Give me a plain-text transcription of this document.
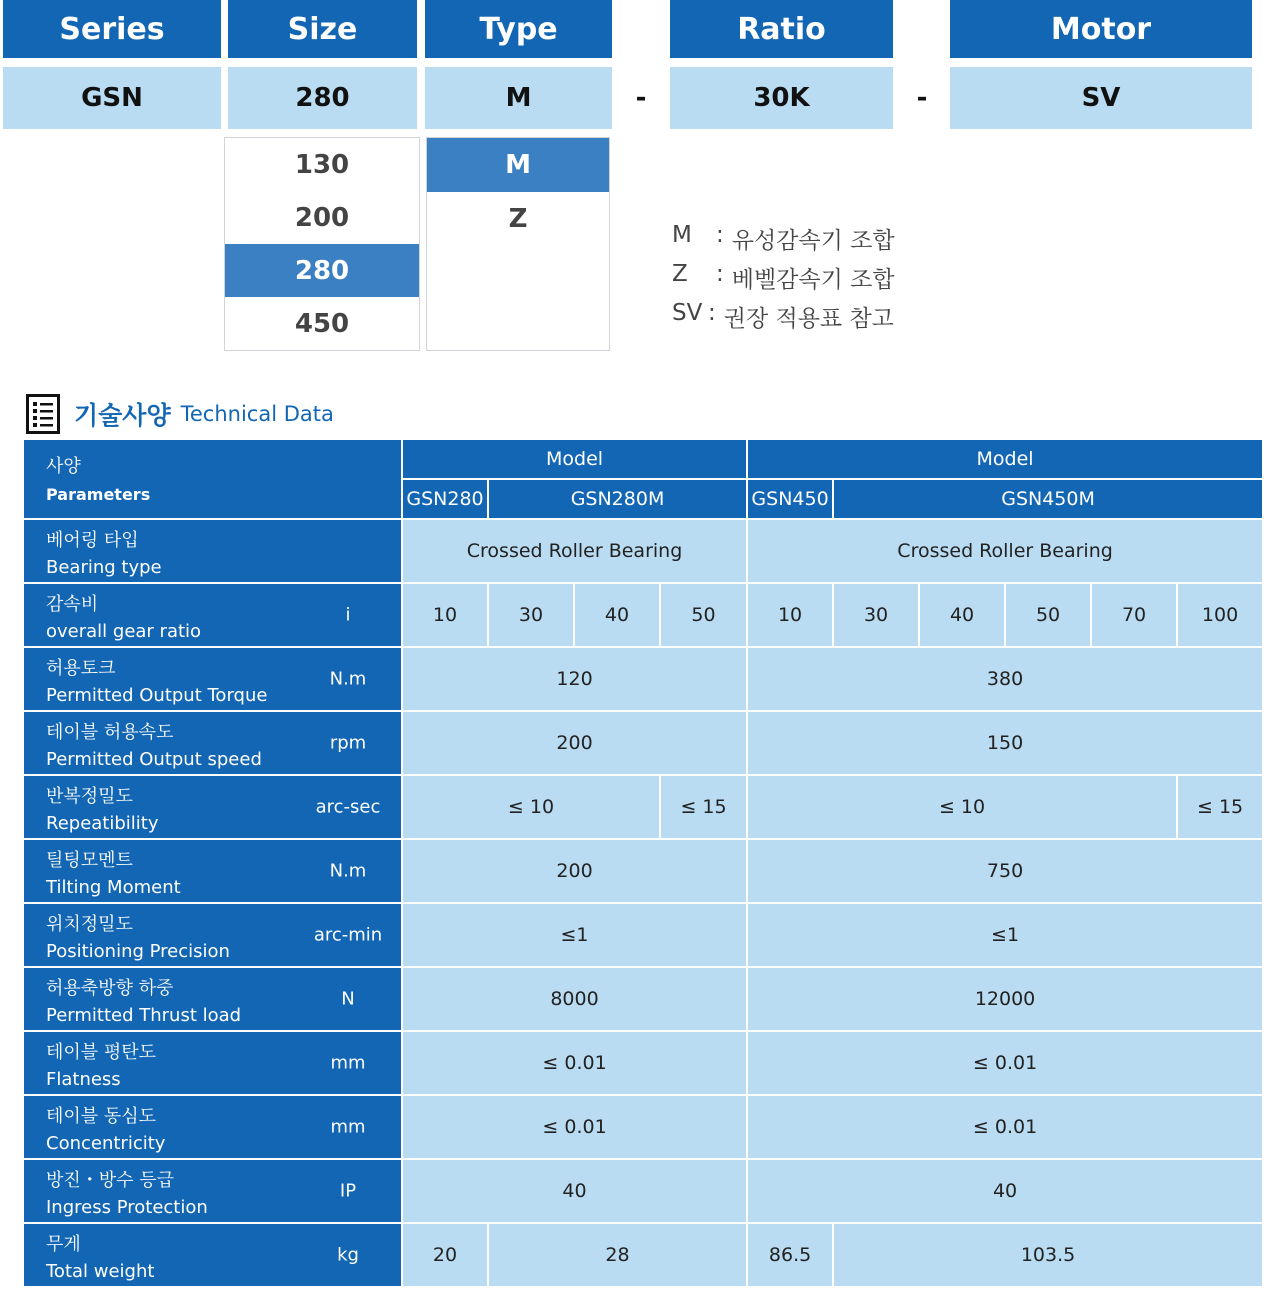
Series	Size	Type	Ratio	Motor
GSN	280	M	-	30K	-	SV
130
200
280
450
M
Z
M	: 유성감속기 조합
Z	: 베벨감속기 조합
SV : 권장 적용표 참고
기술사양 Technical Data
사양
Parameters	Model				Model					
	GSN280	GSN280M			GSN450	GSN450M				

베어링 타입
Bearing type	Crossed Roller Bearing				Crossed Roller Bearing					

감속비
overall gear ratio
i	10	30	40	50	10	30	40	50	70	100

허용토크
Permitted Output Torque
N.m	120				380					

테이블 허용속도
Permitted Output speed
rpm	200				150					

반복정밀도
Repeatibility
arc-sec	≤ 10			≤ 15	≤ 10					≤ 15

틸팅모멘트
Tilting Moment
N.m	200				750					

위치정밀도
Positioning Precision
arc-min	≤1				≤1					

허용축방향 하중
Permitted Thrust load
N	8000				12000					

테이블 평탄도
Flatness
mm	≤ 0.01				≤ 0.01					

테이블 동심도
Concentricity
mm	≤ 0.01				≤ 0.01					

방진・방수 등급
Ingress Protection
IP	40				40					

무게
Total weight
kg	20	28			86.5	103.5				
